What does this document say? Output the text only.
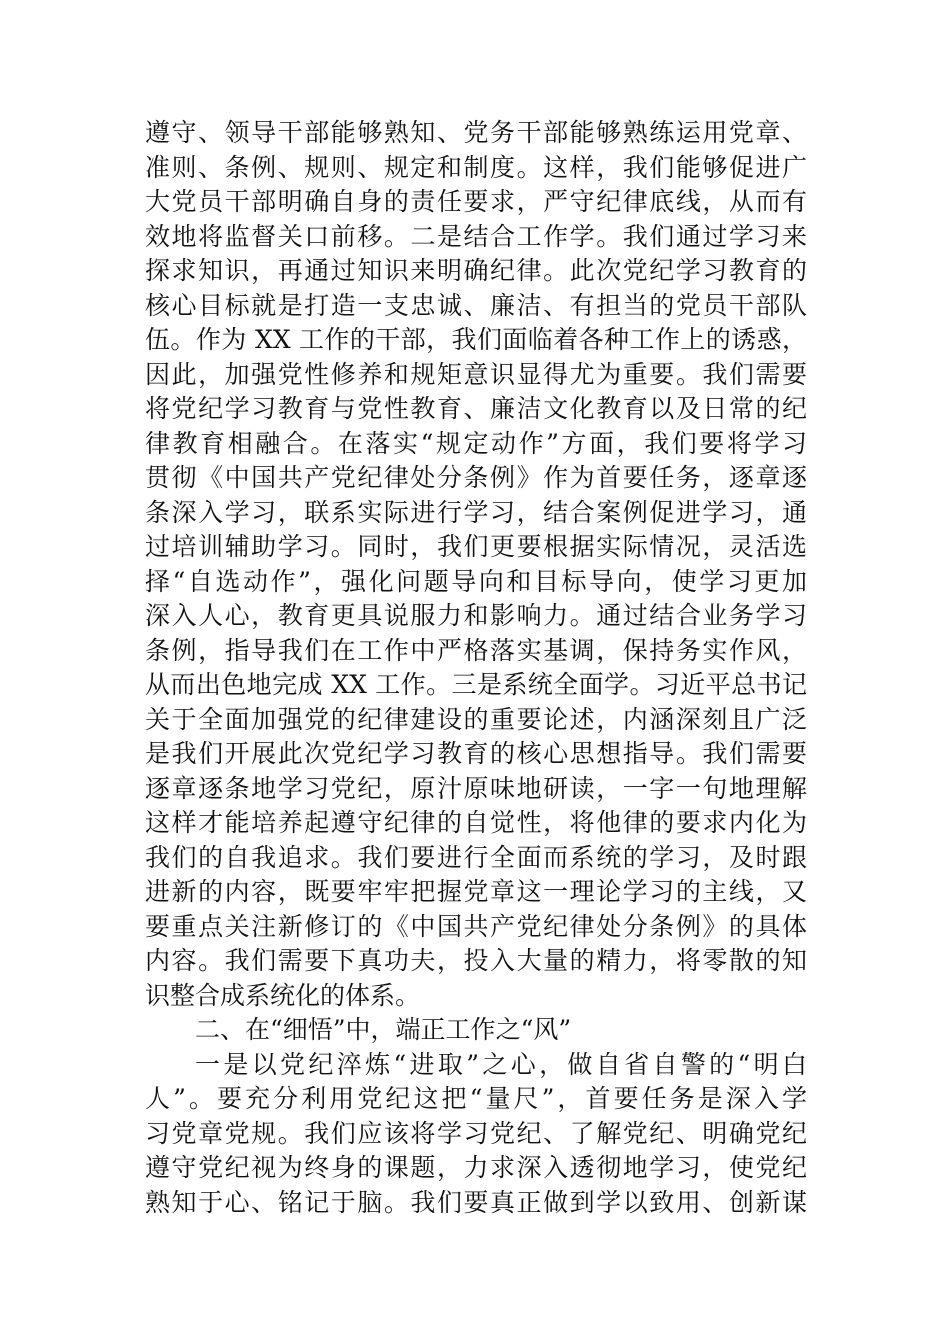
遵守、领导干部能够熟知、党务干部能够熟练运用党章、
准则、条例、规则、规定和制度。这样，我们能够促进广
大党员干部明确自身的责任要求，严守纪律底线，从而有
效地将监督关口前移。二是结合工作学。我们通过学习来
探求知识，再通过知识来明确纪律。此次党纪学习教育的
核心目标就是打造一支忠诚、廉洁、有担当的党员干部队
伍。作为 XX 工作的干部，我们面临着各种工作上的诱惑，
因此，加强党性修养和规矩意识显得尤为重要。我们需要
将党纪学习教育与党性教育、廉洁文化教育以及日常的纪
律教育相融合。在落实“规定动作”方面，我们要将学习
贯彻《中国共产党纪律处分条例》作为首要任务，逐章逐
条深入学习，联系实际进行学习，结合案例促进学习，通
过培训辅助学习。同时，我们更要根据实际情况，灵活选
择“自选动作”，强化问题导向和目标导向，使学习更加
深入人心，教育更具说服力和影响力。通过结合业务学习
条例，指导我们在工作中严格落实基调，保持务实作风，
从而出色地完成 XX 工作。三是系统全面学。习近平总书记
关于全面加强党的纪律建设的重要论述，内涵深刻且广泛
是我们开展此次党纪学习教育的核心思想指导。我们需要
逐章逐条地学习党纪，原汁原味地研读，一字一句地理解
这样才能培养起遵守纪律的自觉性，将他律的要求内化为
我们的自我追求。我们要进行全面而系统的学习，及时跟
进新的内容，既要牢牢把握党章这一理论学习的主线，又
要重点关注新修订的《中国共产党纪律处分条例》的具体
内容。我们需要下真功夫，投入大量的精力，将零散的知
识整合成系统化的体系。
二、在“细悟”中，端正工作之“风”
一是以党纪淬炼“进取”之心，做自省自警的“明白
人”。要充分利用党纪这把“量尺”，首要任务是深入学
习党章党规。我们应该将学习党纪、了解党纪、明确党纪
遵守党纪视为终身的课题，力求深入透彻地学习，使党纪
熟知于心、铭记于脑。我们要真正做到学以致用、创新谋
